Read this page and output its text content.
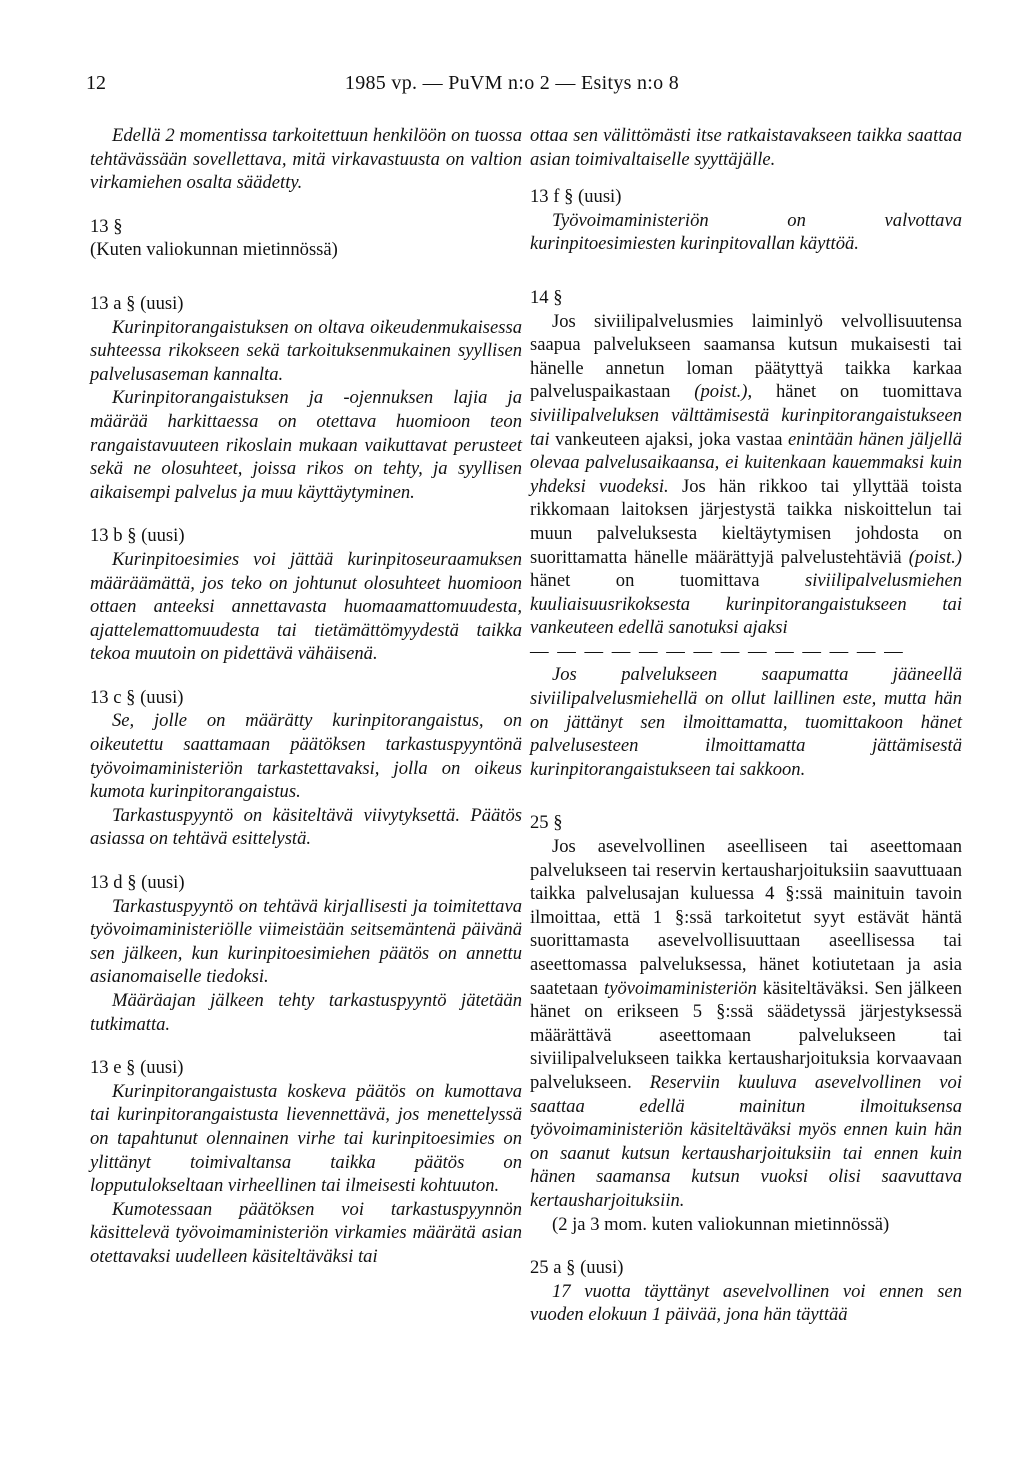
12	1985 vp. — PuVM n:o 2 — Esitys n:o 8

Edellä 2 momentissa tarkoitettuun henkilöön on tuossa tehtävässään sovellettava, mitä virkavastuusta on valtion virkamiehen osalta säädetty.

13 §

(Kuten valiokunnan mietinnössä)

13 a § (uusi)

Kurinpitorangaistuksen on oltava oikeudenmukaisessa suhteessa rikokseen sekä tarkoituksenmukainen syyllisen palvelusaseman kannalta.

Kurinpitorangaistuksen ja -ojennuksen lajia ja määrää harkittaessa on otettava huomioon teon rangaistavuuteen rikoslain mukaan vaikuttavat perusteet sekä ne olosuhteet, joissa rikos on tehty, ja syyllisen aikaisempi palvelus ja muu käyttäytyminen.

13 b § (uusi)

Kurinpitoesimies voi jättää kurinpitoseuraamuksen määräämättä, jos teko on johtunut olosuhteet huomioon ottaen anteeksi annettavasta huomaamattomuudesta, ajattelemattomuudesta tai tietämättömyydestä taikka tekoa muutoin on pidettävä vähäisenä.

13 c § (uusi)

Se, jolle on määrätty kurinpitorangaistus, on oikeutettu saattamaan päätöksen tarkastuspyyntönä työvoimaministeriön tarkastettavaksi, jolla on oikeus kumota kurinpitorangaistus.

Tarkastuspyyntö on käsiteltävä viivytyksettä. Päätös asiassa on tehtävä esittelystä.

13 d § (uusi)

Tarkastuspyyntö on tehtävä kirjallisesti ja toimitettava työvoimaministeriölle viimeistään seitsemäntenä päivänä sen jälkeen, kun kurinpitoesimiehen päätös on annettu asianomaiselle tiedoksi.

Määräajan jälkeen tehty tarkastuspyyntö jätetään tutkimatta.

13 e § (uusi)

Kurinpitorangaistusta koskeva päätös on kumottava tai kurinpitorangaistusta lievennettävä, jos menettelyssä on tapahtunut olennainen virhe tai kurinpitoesimies on ylittänyt toimivaltansa taikka päätös on lopputulokseltaan virheellinen tai ilmeisesti kohtuuton.

Kumotessaan päätöksen voi tarkastuspyynnön käsittelevä työvoimaministeriön virkamies määrätä asian otettavaksi uudelleen käsiteltäväksi tai

ottaa sen välittömästi itse ratkaistavakseen taikka saattaa asian toimivaltaiselle syyttäjälle.

13 f § (uusi)

Työvoimaministeriön on valvottava kurinpitoesimiesten kurinpitovallan käyttöä.

14 §

Jos siviilipalvelusmies laiminlyö velvollisuutensa saapua palvelukseen saamansa kutsun mukaisesti tai hänelle annetun loman päätyttyä taikka karkaa palveluspaikastaan (poist.), hänet on tuomittava siviilipalveluksen välttämisestä kurinpitorangaistukseen tai vankeuteen ajaksi, joka vastaa enintään hänen jäljellä olevaa palvelusaikaansa, ei kuitenkaan kauemmaksi kuin yhdeksi vuodeksi. Jos hän rikkoo tai yllyttää toista rikkomaan laitoksen järjestystä taikka niskoittelun tai muun palveluksesta kieltäytymisen johdosta on suorittamatta hänelle määrättyjä palvelustehtäviä (poist.) hänet on tuomittava siviilipalvelusmiehen kuuliaisuusrikoksesta kurinpitorangaistukseen tai vankeuteen edellä sanotuksi ajaksi

— — — — — — — — — — — — — —

Jos palvelukseen saapumatta jääneellä siviilipalvelusmiehellä on ollut laillinen este, mutta hän on jättänyt sen ilmoittamatta, tuomittakoon hänet palvelusesteen ilmoittamatta jättämisestä kurinpitorangaistukseen tai sakkoon.

25 §

Jos asevelvollinen aseelliseen tai aseettomaan palvelukseen tai reservin kertausharjoituksiin saavuttuaan taikka palvelusajan kuluessa 4 §:ssä mainituin tavoin ilmoittaa, että 1 §:ssä tarkoitetut syyt estävät häntä suorittamasta asevelvollisuuttaan aseellisessa tai aseettomassa palveluksessa, hänet kotiutetaan ja asia saatetaan työvoimaministeriön käsiteltäväksi. Sen jälkeen hänet on erikseen 5 §:ssä säädetyssä järjestyksessä määrättävä aseettomaan palvelukseen tai siviilipalvelukseen taikka kertausharjoituksia korvaavaan palvelukseen. Reserviin kuuluva asevelvollinen voi saattaa edellä mainitun ilmoituksensa työvoimaministeriön käsiteltäväksi myös ennen kuin hän on saanut kutsun kertausharjoituksiin tai ennen kuin hänen saamansa kutsun vuoksi olisi saavuttava kertausharjoituksiin.

(2 ja 3 mom. kuten valiokunnan mietinnössä)

25 a § (uusi)

17 vuotta täyttänyt asevelvollinen voi ennen sen vuoden elokuun 1 päivää, jona hän täyttää
